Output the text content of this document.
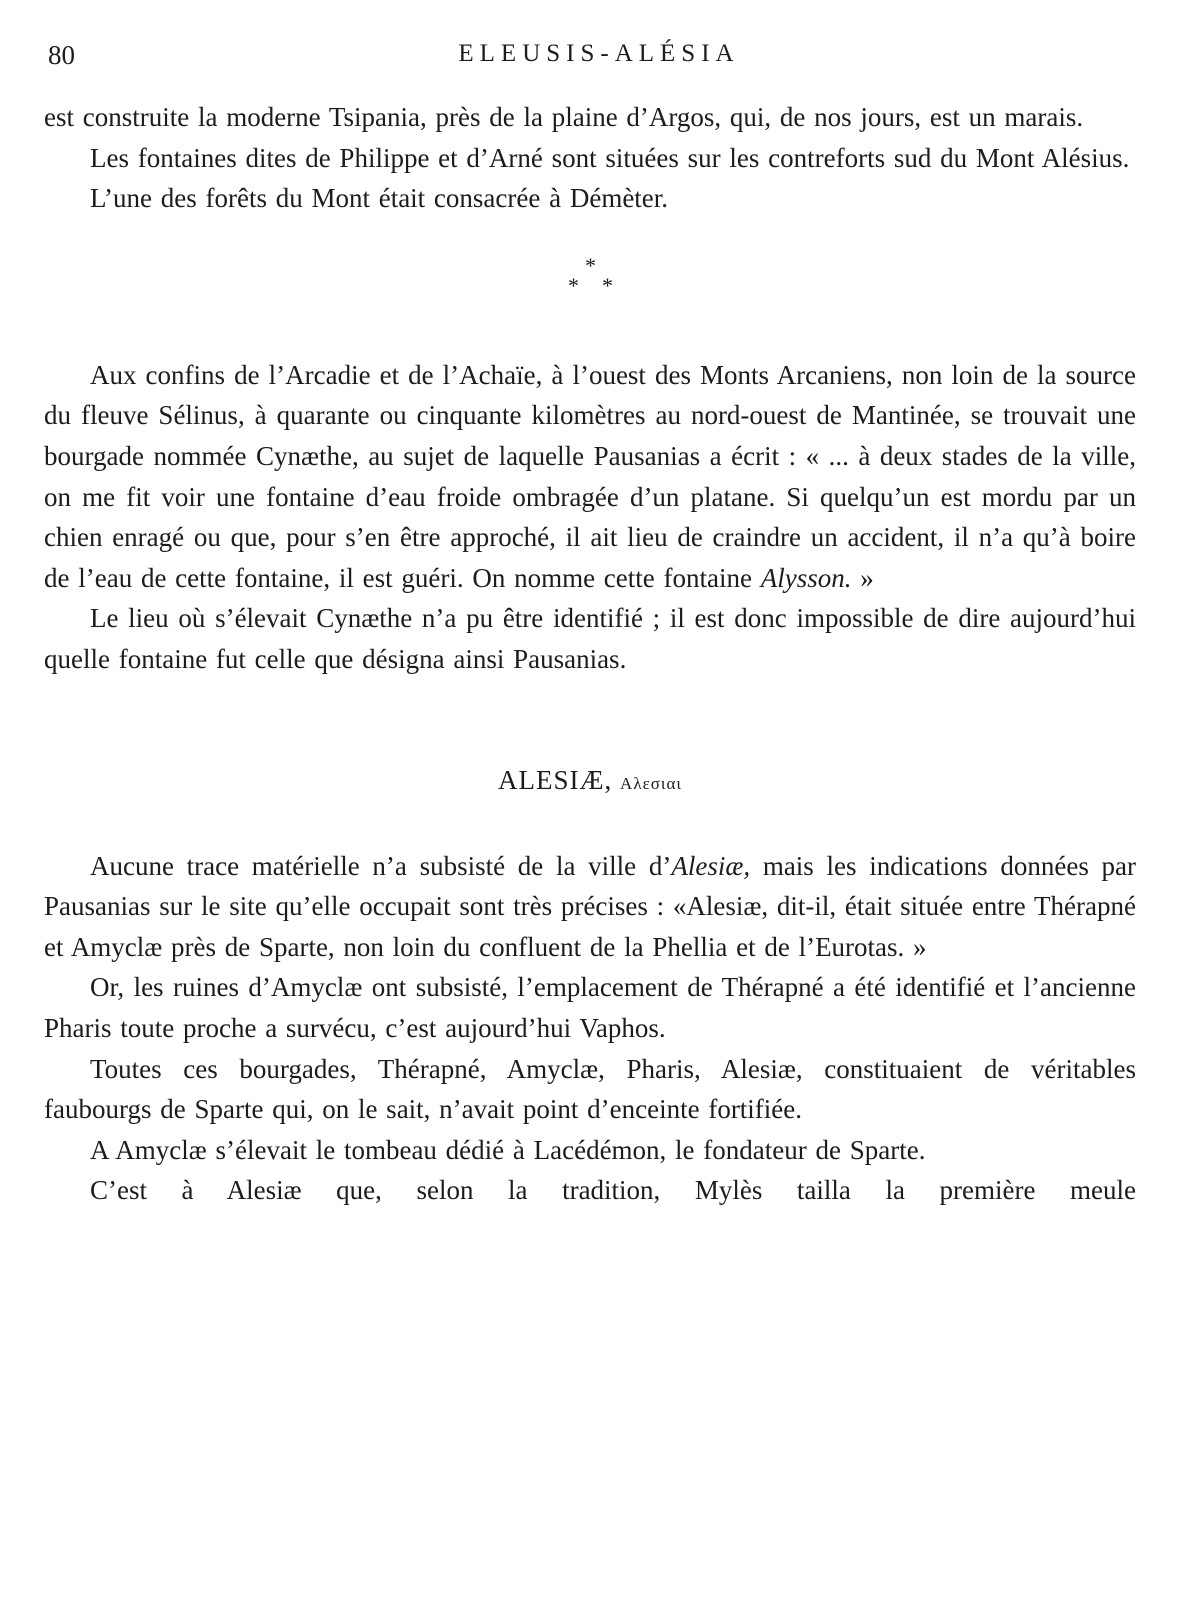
80	ELEUSIS-ALÉSIA

est construite la moderne Tsipania, près de la plaine d’Argos, qui, de nos jours, est un marais.

Les fontaines dites de Philippe et d’Arné sont situées sur les contreforts sud du Mont Alésius.

L’une des forêts du Mont était consacrée à Démèter.

*
* *

Aux confins de l’Arcadie et de l’Achaïe, à l’ouest des Monts Arcaniens, non loin de la source du fleuve Sélinus, à quarante ou cinquante kilomètres au nord-ouest de Mantinée, se trouvait une bourgade nommée Cynæthe, au sujet de laquelle Pausanias a écrit : « ... à deux stades de la ville, on me fit voir une fontaine d’eau froide ombragée d’un platane. Si quelqu’un est mordu par un chien enragé ou que, pour s’en être approché, il ait lieu de craindre un accident, il n’a qu’à boire de l’eau de cette fontaine, il est guéri. On nomme cette fontaine Alysson. »

Le lieu où s’élevait Cynæthe n’a pu être identifié ; il est donc impossible de dire aujourd’hui quelle fontaine fut celle que désigna ainsi Pausanias.

ALESIÆ, Αλεσιαι

Aucune trace matérielle n’a subsisté de la ville d’Alesiæ, mais les indications données par Pausanias sur le site qu’elle occupait sont très précises : «Alesiæ, dit-il, était située entre Thérapné et Amyclæ près de Sparte, non loin du confluent de la Phellia et de l’Eurotas. »

Or, les ruines d’Amyclæ ont subsisté, l’emplacement de Thérapné a été identifié et l’ancienne Pharis toute proche a survécu, c’est aujourd’hui Vaphos.

Toutes ces bourgades, Thérapné, Amyclæ, Pharis, Alesiæ, constituaient de véritables faubourgs de Sparte qui, on le sait, n’avait point d’enceinte fortifiée.

A Amyclæ s’élevait le tombeau dédié à Lacédémon, le fondateur de Sparte.

C’est à Alesiæ que, selon la tradition, Mylès tailla la première meule
